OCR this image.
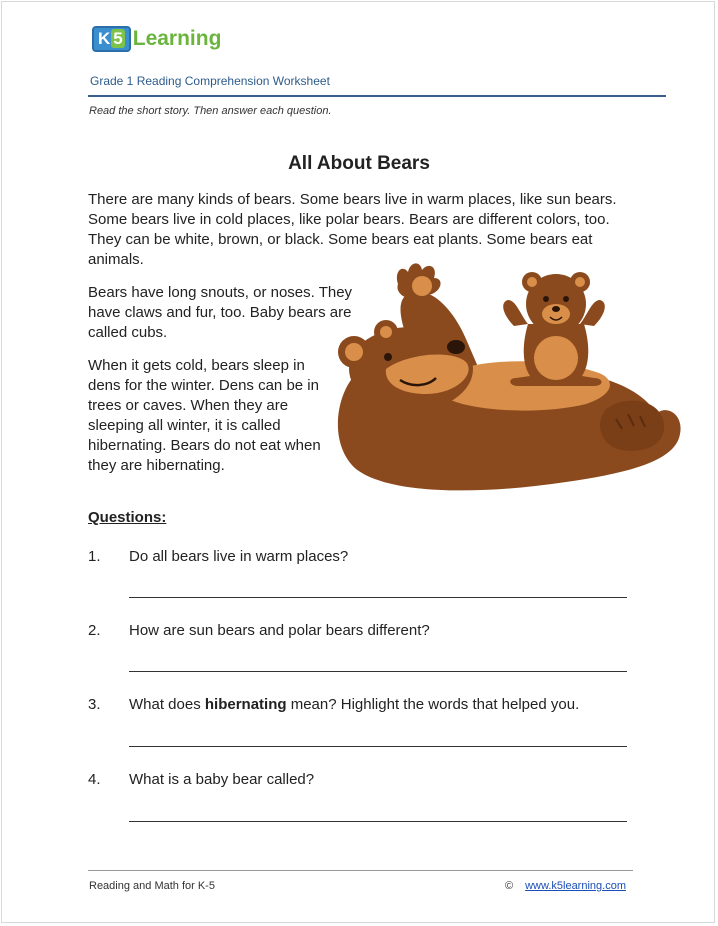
K 5 Learning
Grade 1 Reading Comprehension Worksheet
Read the short story. Then answer each question.
All About Bears

There are many kinds of bears. Some bears live in warm places, like sun bears. Some bears live in cold places, like polar bears. Bears are different colors, too. They can be white, brown, or black. Some bears eat plants. Some bears eat animals.

Bears have long snouts, or noses. They have claws and fur, too. Baby bears are called cubs.

When it gets cold, bears sleep in dens for the winter. Dens can be in trees or caves. When they are sleeping all winter, it is called hibernating. Bears do not eat when they are hibernating.

Questions:
1.	Do all bears live in warm places?
2.	How are sun bears and polar bears different?
3.	What does hibernating mean? Highlight the words that helped you.
4.	What is a baby bear called?
Reading and Math for K-5	© www.k5learning.com
